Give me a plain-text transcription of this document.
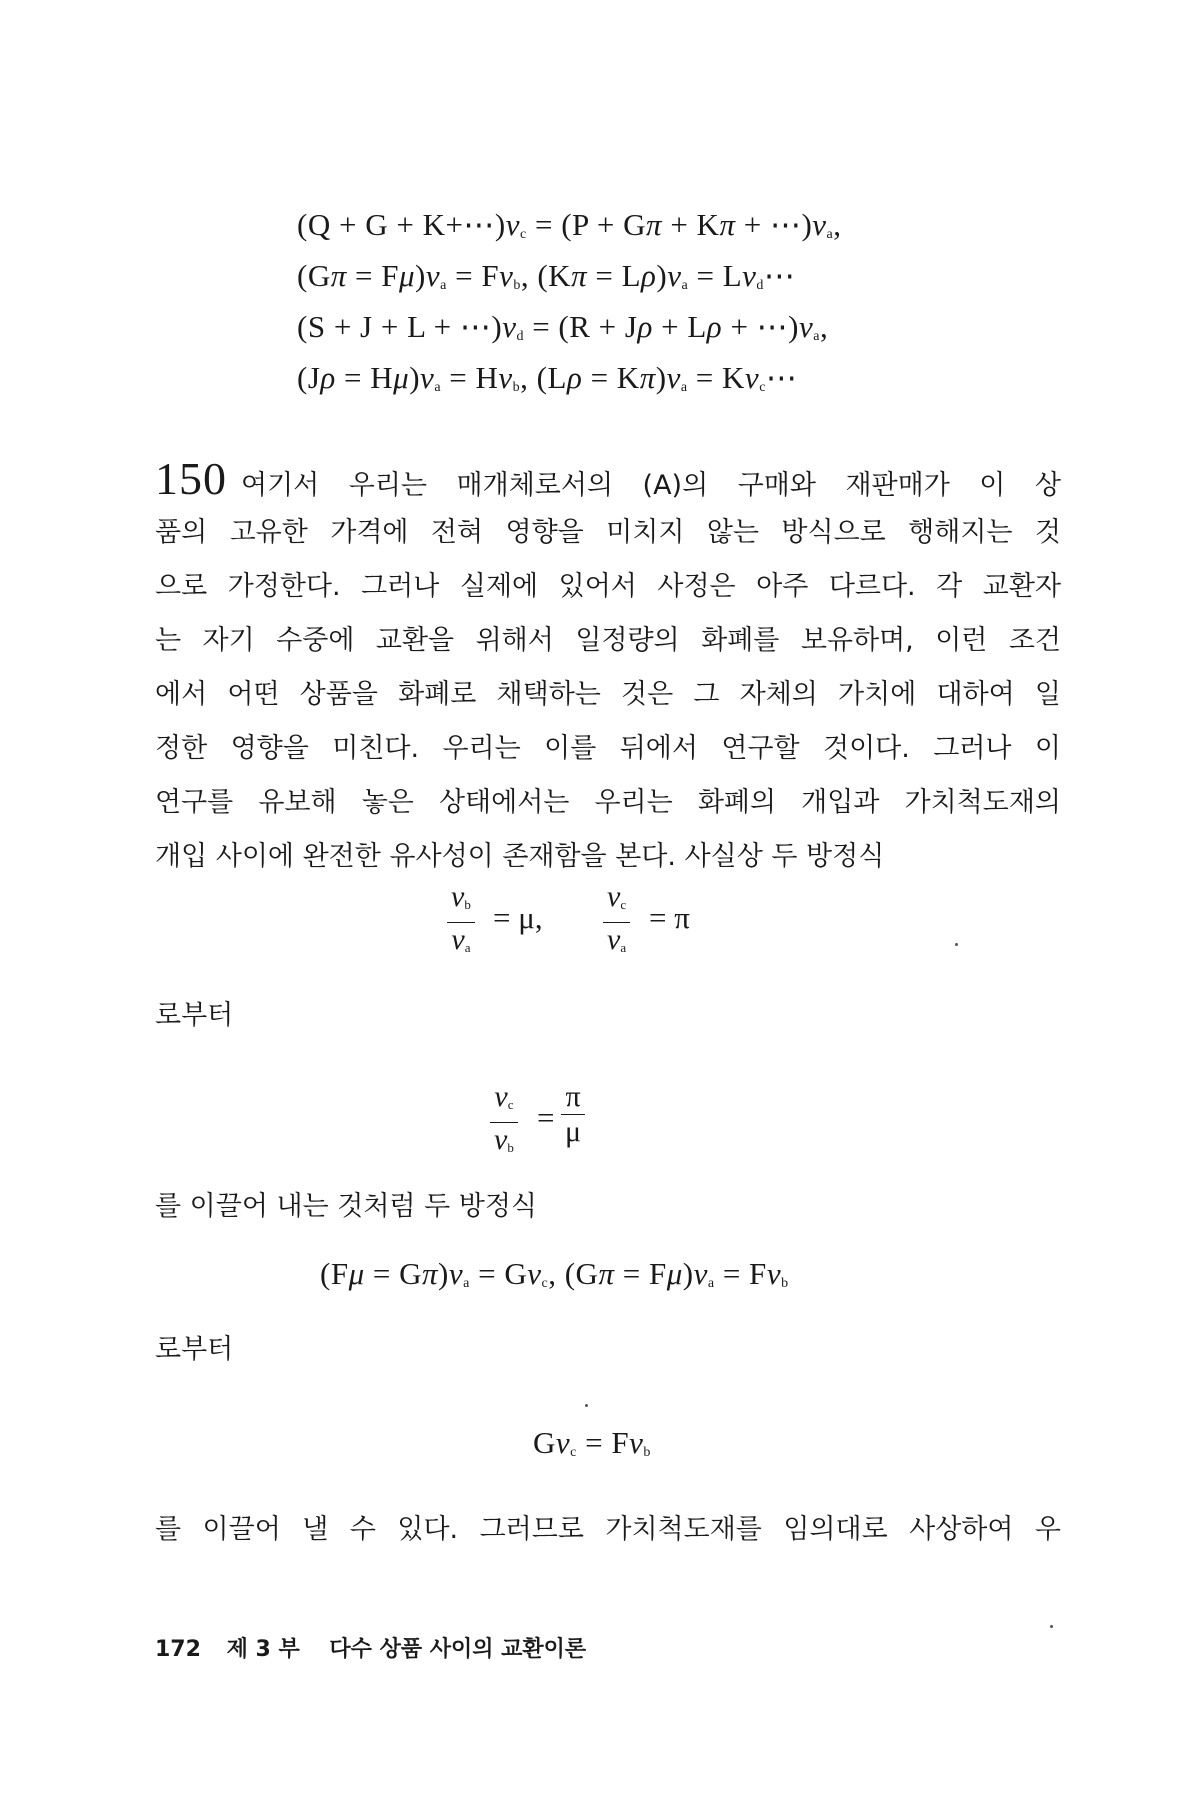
$(Q + G + K+\cdots)\nu_c = (P + G\pi + K\pi$ + $\cdots)\nu_a$,
$(G\pi = F\mu)\nu_a = F\nu_b$, $(K\pi = L\rho)\nu_a$ = $L\nu_d\cdots$
$(S + J + L + \cdots)\nu_d = (R + J\rho + L\rho$ + $\cdots)\nu_a$,
$(J\rho = H\mu)\nu_a = H\nu_b$, $(L\rho = K\pi)\nu_a$ = $K\nu_c\cdots$
150 여기서 우리는 매개체로서의 (A)의 구매와 재판매가 이 상
품의 고유한 가격에 전혀 영향을 미치지 않는 방식으로 행해지는 것
으로 가정한다. 그러나 실제에 있어서 사정은 아주 다르다. 각 교환자
는 자기 수중에 교환을 위해서 일정량의 화폐를 보유하며, 이런 조건
에서 어떤 상품을 화폐로 채택하는 것은 그 자체의 가치에 대하여 일
정한 영향을 미친다. 우리는 이를 뒤에서 연구할 것이다. 그러나 이
연구를 유보해 놓은 상태에서는 우리는 화폐의 개입과 가치척도재의
개입 사이에 완전한 유사성이 존재함을 본다. 사실상 두 방정식
$\nu_b$
$\nu_a$
= μ,
$\nu_c$
$\nu_a$
= π
로부터
$\nu_c$
$\nu_b$
=
π
μ
를 이끌어 내는 것처럼 두 방정식
$(F\mu = G\pi)\nu_a = G\nu_c$, $(G\pi = F\mu)\nu_a = F\nu_b$
로부터
$G\nu_c = F\nu_b$
를 이끌어 낼 수 있다. 그러므로 가치척도재를 임의대로 사상하여 우
172 제 3 부 다수 상품 사이의 교환이론
